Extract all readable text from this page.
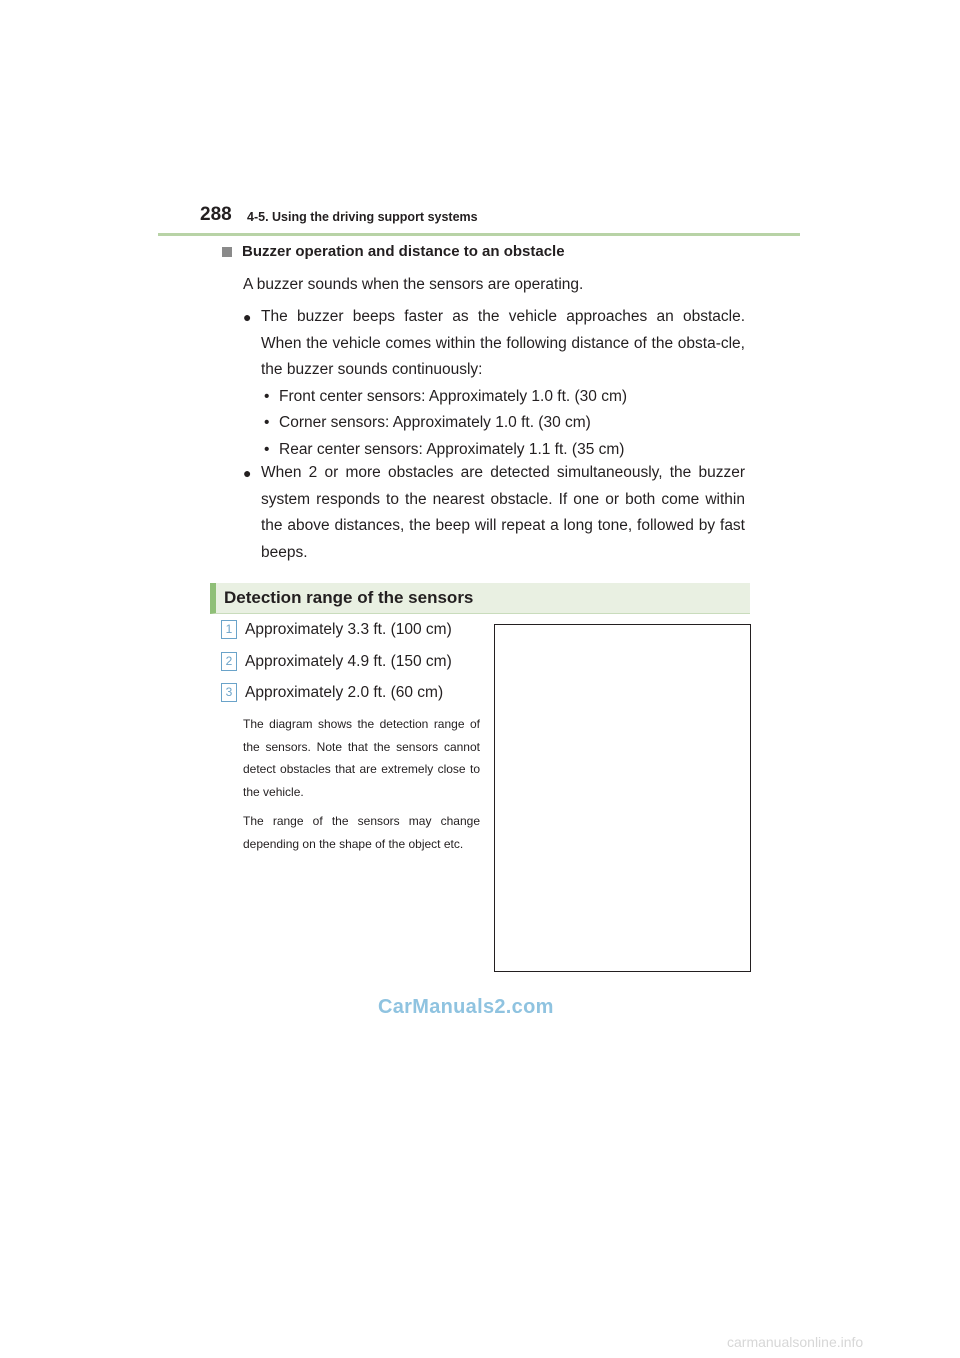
288 4-5. Using the driving support systems
Buzzer operation and distance to an obstacle
A buzzer sounds when the sensors are operating.
● The buzzer beeps faster as the vehicle approaches an obstacle. When the vehicle comes within the following distance of the obsta-cle, the buzzer sounds continuously:
• Front center sensors: Approximately 1.0 ft. (30 cm)
• Corner sensors: Approximately 1.0 ft. (30 cm)
• Rear center sensors: Approximately 1.1 ft. (35 cm)
● When 2 or more obstacles are detected simultaneously, the buzzer system responds to the nearest obstacle. If one or both come within the above distances, the beep will repeat a long tone, followed by fast beeps.
Detection range of the sensors
1 Approximately 3.3 ft. (100 cm)
2 Approximately 4.9 ft. (150 cm)
3 Approximately 2.0 ft. (60 cm)
The diagram shows the detection range of the sensors. Note that the sensors cannot detect obstacles that are extremely close to the vehicle.
The range of the sensors may change depending on the shape of the object etc.
CarManuals2.com
carmanualsonline.info
